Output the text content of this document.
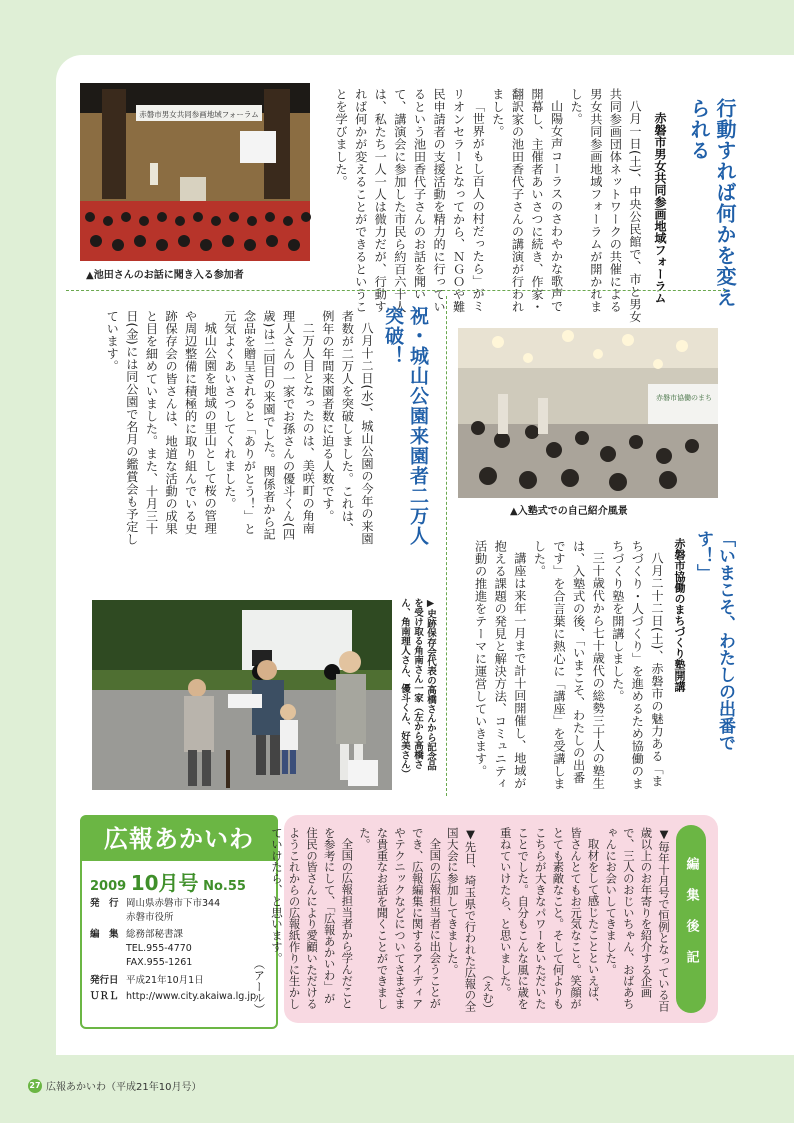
行動すれば何かを変えられる
赤磐市男女共同参画地域フォーラム

八月一日(土)、中央公民館で、市と男女共同参画団体ネットワークの共催による男女共同参画地域フォーラムが開かれました。

山陽女声コーラスのさわやかな歌声で開幕し、主催者あいさつに続き、作家・翻訳家の池田香代子さんの講演が行われました。

「世界がもし百人の村だったら」がミリオンセラーとなってから、ＮＧＯや難民申請者の支援活動を精力的に行っているという池田香代子さんのお話を聞いて、講演会に参加した市民ら約百六十人は、私たち一人一人は微力だが、行動すれば何かが変えることができるということを学びました。

赤磐市男女共同参画地域フォーラム
▲池田さんのお話に聞き入る参加者
祝・城山公園来園者二万人突破！

八月十二日(水)、城山公園の今年の来園者数が二万人を突破しました。これは、例年の年間来園者数に迫る人数です。

二万人目となったのは、美咲町の角南理人さんの一家でお孫さんの優斗くん(四歳)は二回目の来園でした。関係者から記念品を贈呈されると「ありがとう！」と元気よくあいさつしてくれました。

城山公園を地域の里山として桜の管理や周辺整備に積極的に取り組んでいる史跡保存会の皆さんは、地道な活動の成果と目を細めていました。また、十月三十日(金)には同公園で名月の鑑賞会も予定しています。

▶史跡保存会代表の高橋さんから記念品を受け取る角南さん一家（左から高橋さん、角南理人さん、優斗くん、好美さん）
赤磐市協働のまち
▲入塾式での自己紹介風景
「いまこそ、わたしの出番です！」
赤磐市協働のまちづくり塾開講

八月二十二日(土)、赤磐市の魅力ある「まちづくり・人づくり」を進めるため協働のまちづくり塾を開講しました。

三十歳代から七十歳代の総勢三十人の塾生は、入塾式の後、「いまこそ、わたしの出番です」を合言葉に熱心に「講座」を受講しました。

講座は来年一月まで計十回開催し、地域が抱える課題の発見と解決方法、コミュニティ活動の推進をテーマに運営していきます。

広報あかいわ
2009 10月号 No.55
発　行 岡山県赤磐市下市344
赤磐市役所
編　集 総務部秘書課
TEL.955-4770
FAX.955-1261
発行日 平成21年10月1日
ＵＲＬ http://www.city.akaiwa.lg.jp
編集後記

▼毎年十月号で恒例となっている百歳以上のお年寄りを紹介する企画で、三人のおじいちゃん、おばあちゃんにお会いしてきました。

取材をして感じたことといえば、皆さんとてもお元気なこと。笑顔がとても素敵なこと。そして何よりもこちらが大きなパワーをいただいたことでした。自分もこんな風に歳を重ねていけたら、と思いました。

（えむ）

▼先日、埼玉県で行われた広報の全国大会に参加してきました。

全国の広報担当者に出会うことができ、広報編集に関するアイディアやテクニックなどについてさまざまな貴重なお話を聞くことができました。

全国の広報担当者から学んだことを参考にして、「広報あかいわ」が住民の皆さんにより愛顧いただけるようこれからの広報紙作りに生かしていけたら、と思います。

（アール）

27 広報あかいわ（平成21年10月号）
